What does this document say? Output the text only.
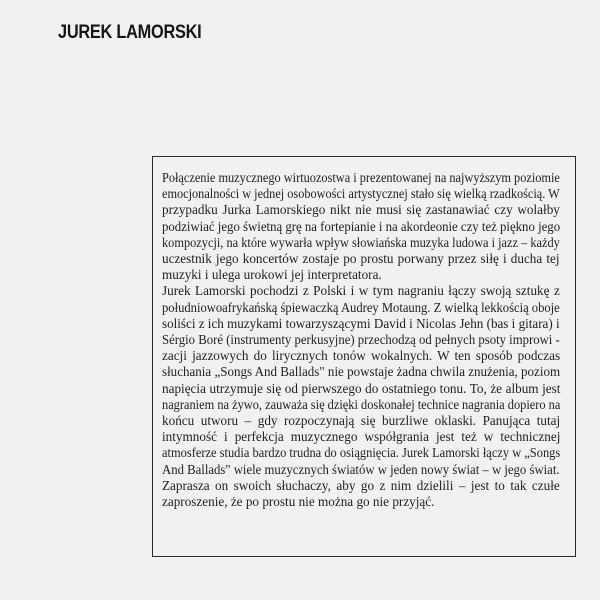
JUREK LAMORSKI
Połączenie muzycznego wirtuozostwa i prezentowanej na najwyższym poziomie
emocjonalności w jednej osobowości artystycznej stało się wielką rzadkością. W
przypadku Jurka Lamorskiego nikt nie musi się zastanawiać czy wolałby
podziwiać jego świetną grę na fortepianie i na akordeonie czy też piękno jego
kompozycji, na które wywarła wpływ słowiańska muzyka ludowa i jazz – każdy
uczestnik jego koncertów zostaje po prostu porwany przez siłę i ducha tej
muzyki i ulega urokowi jej interpretatora.
Jurek Lamorski pochodzi z Polski i w tym nagraniu łączy swoją sztukę z
południowoafrykańską śpiewaczką Audrey Motaung. Z wielką lekkością oboje
soliści z ich muzykami towarzyszącymi David i Nicolas Jehn (bas i gitara) i
Sérgio Boré (instrumenty perkusyjne) przechodzą od pełnych psoty improwi -
zacji jazzowych do lirycznych tonów wokalnych. W ten sposób podczas
słuchania „Songs And Ballads" nie powstaje żadna chwila znużenia, poziom
napięcia utrzymuje się od pierwszego do ostatniego tonu. To, że album jest
nagraniem na żywo, zauważa się dzięki doskonałej technice nagrania dopiero na
końcu utworu – gdy rozpoczynają się burzliwe oklaski. Panująca tutaj
intymność i perfekcja muzycznego współgrania jest też w technicznej
atmosferze studia bardzo trudna do osiągnięcia. Jurek Lamorski łączy w „Songs
And Ballads" wiele muzycznych światów w jeden nowy świat – w jego świat.
Zaprasza on swoich słuchaczy, aby go z nim dzielili – jest to tak czułe
zaproszenie, że po prostu nie można go nie przyjąć.
